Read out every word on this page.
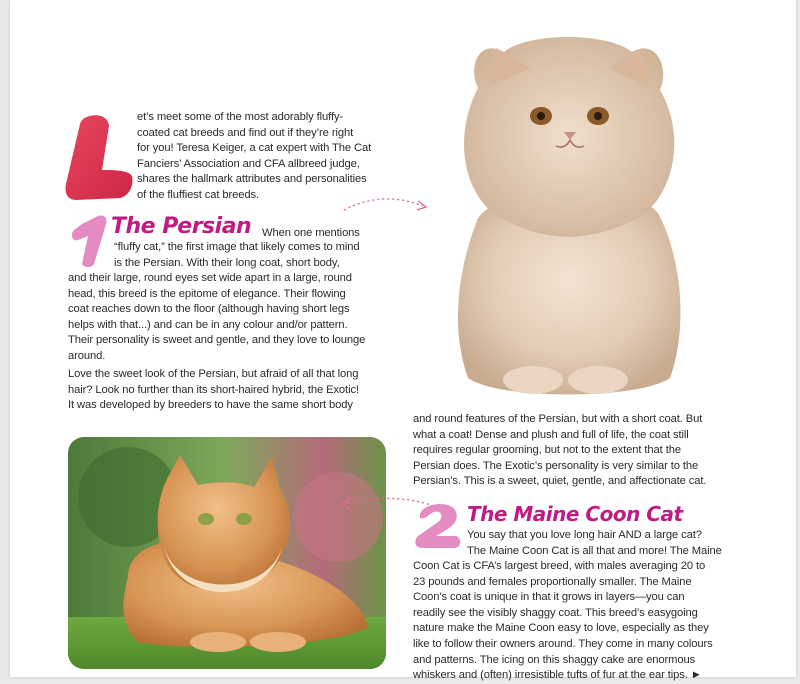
et’s meet some of the most adorably fluffy-
coated cat breeds and find out if they’re right
for you! Teresa Keiger, a cat expert with The Cat
Fanciers’ Association and CFA allbreed judge,
shares the hallmark attributes and personalities
of the fluffiest cat breeds.
The Persian When one mentions
“fluffy cat,” the first image that likely comes to mind
is the Persian. With their long coat, short body,
and their large, round eyes set wide apart in a large, round
head, this breed is the epitome of elegance. Their flowing
coat reaches down to the floor (although having short legs
helps with that...) and can be in any colour and/or pattern.
Their personality is sweet and gentle, and they love to lounge
around.
Love the sweet look of the Persian, but afraid of all that long
hair? Look no further than its short-haired hybrid, the Exotic!
It was developed by breeders to have the same short body
and round features of the Persian, but with a short coat. But
what a coat! Dense and plush and full of life, the coat still
requires regular grooming, but not to the extent that the
Persian does. The Exotic’s personality is very similar to the
Persian’s. This is a sweet, quiet, gentle, and affectionate cat.
The Maine Coon Cat
You say that you love long hair AND a large cat?
The Maine Coon Cat is all that and more! The Maine
Coon Cat is CFA’s largest breed, with males averaging 20 to
23 pounds and females proportionally smaller. The Maine
Coon’s coat is unique in that it grows in layers—you can
readily see the visibly shaggy coat. This breed’s easygoing
nature make the Maine Coon easy to love, especially as they
like to follow their owners around. They come in many colours
and patterns. The icing on this shaggy cake are enormous
whiskers and (often) irresistible tufts of fur at the ear tips. ►
